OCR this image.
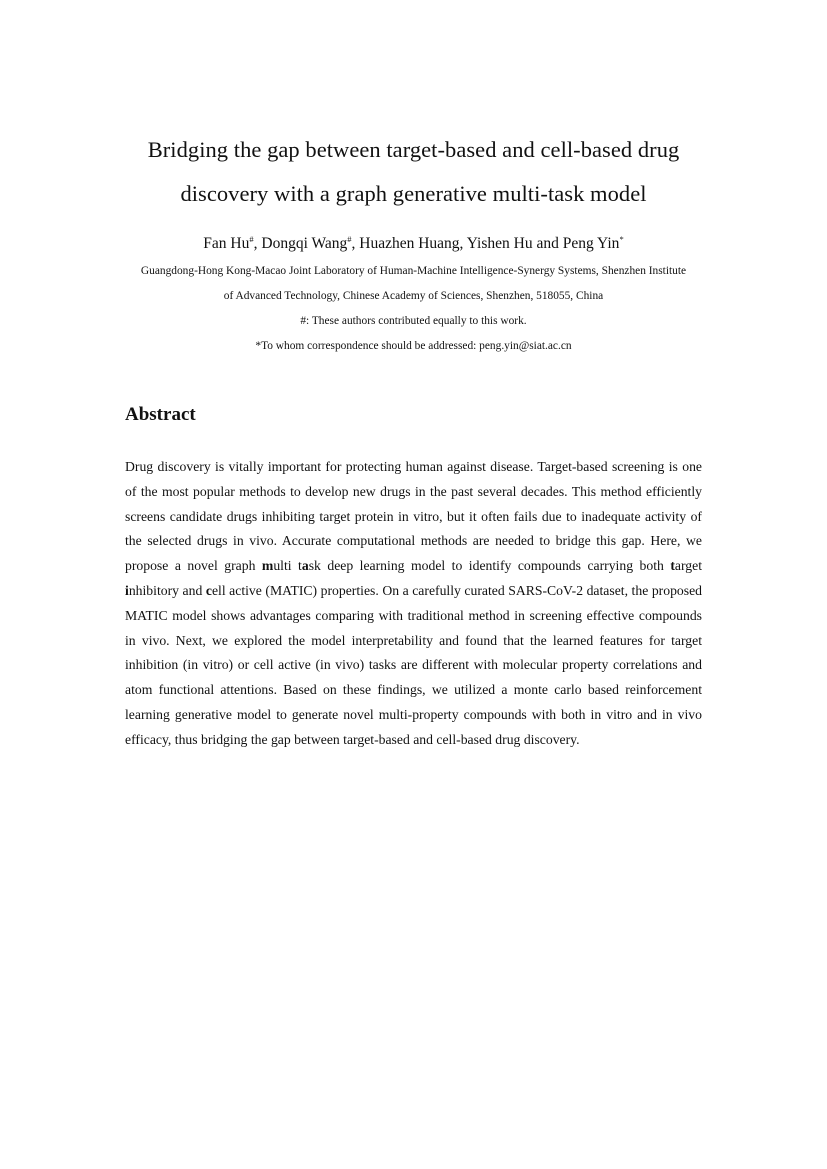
Bridging the gap between target-based and cell-based drug
discovery with a graph generative multi-task model
Fan Hu#, Dongqi Wang#, Huazhen Huang, Yishen Hu and Peng Yin*
Guangdong-Hong Kong-Macao Joint Laboratory of Human-Machine Intelligence-Synergy Systems, Shenzhen Institute
of Advanced Technology, Chinese Academy of Sciences, Shenzhen, 518055, China
#: These authors contributed equally to this work.
*To whom correspondence should be addressed: peng.yin@siat.ac.cn
Abstract

Drug discovery is vitally important for protecting human against disease. Target-based screening is one of the most popular methods to develop new drugs in the past several decades. This method efficiently screens candidate drugs inhibiting target protein in vitro, but it often fails due to inadequate activity of the selected drugs in vivo. Accurate computational methods are needed to bridge this gap. Here, we propose a novel graph multi task deep learning model to identify compounds carrying both target inhibitory and cell active (MATIC) properties. On a carefully curated SARS-CoV-2 dataset, the proposed MATIC model shows advantages comparing with traditional method in screening effective compounds in vivo. Next, we explored the model interpretability and found that the learned features for target inhibition (in vitro) or cell active (in vivo) tasks are different with molecular property correlations and atom functional attentions. Based on these findings, we utilized a monte carlo based reinforcement learning generative model to generate novel multi-property compounds with both in vitro and in vivo efficacy, thus bridging the gap between target-based and cell-based drug discovery.
